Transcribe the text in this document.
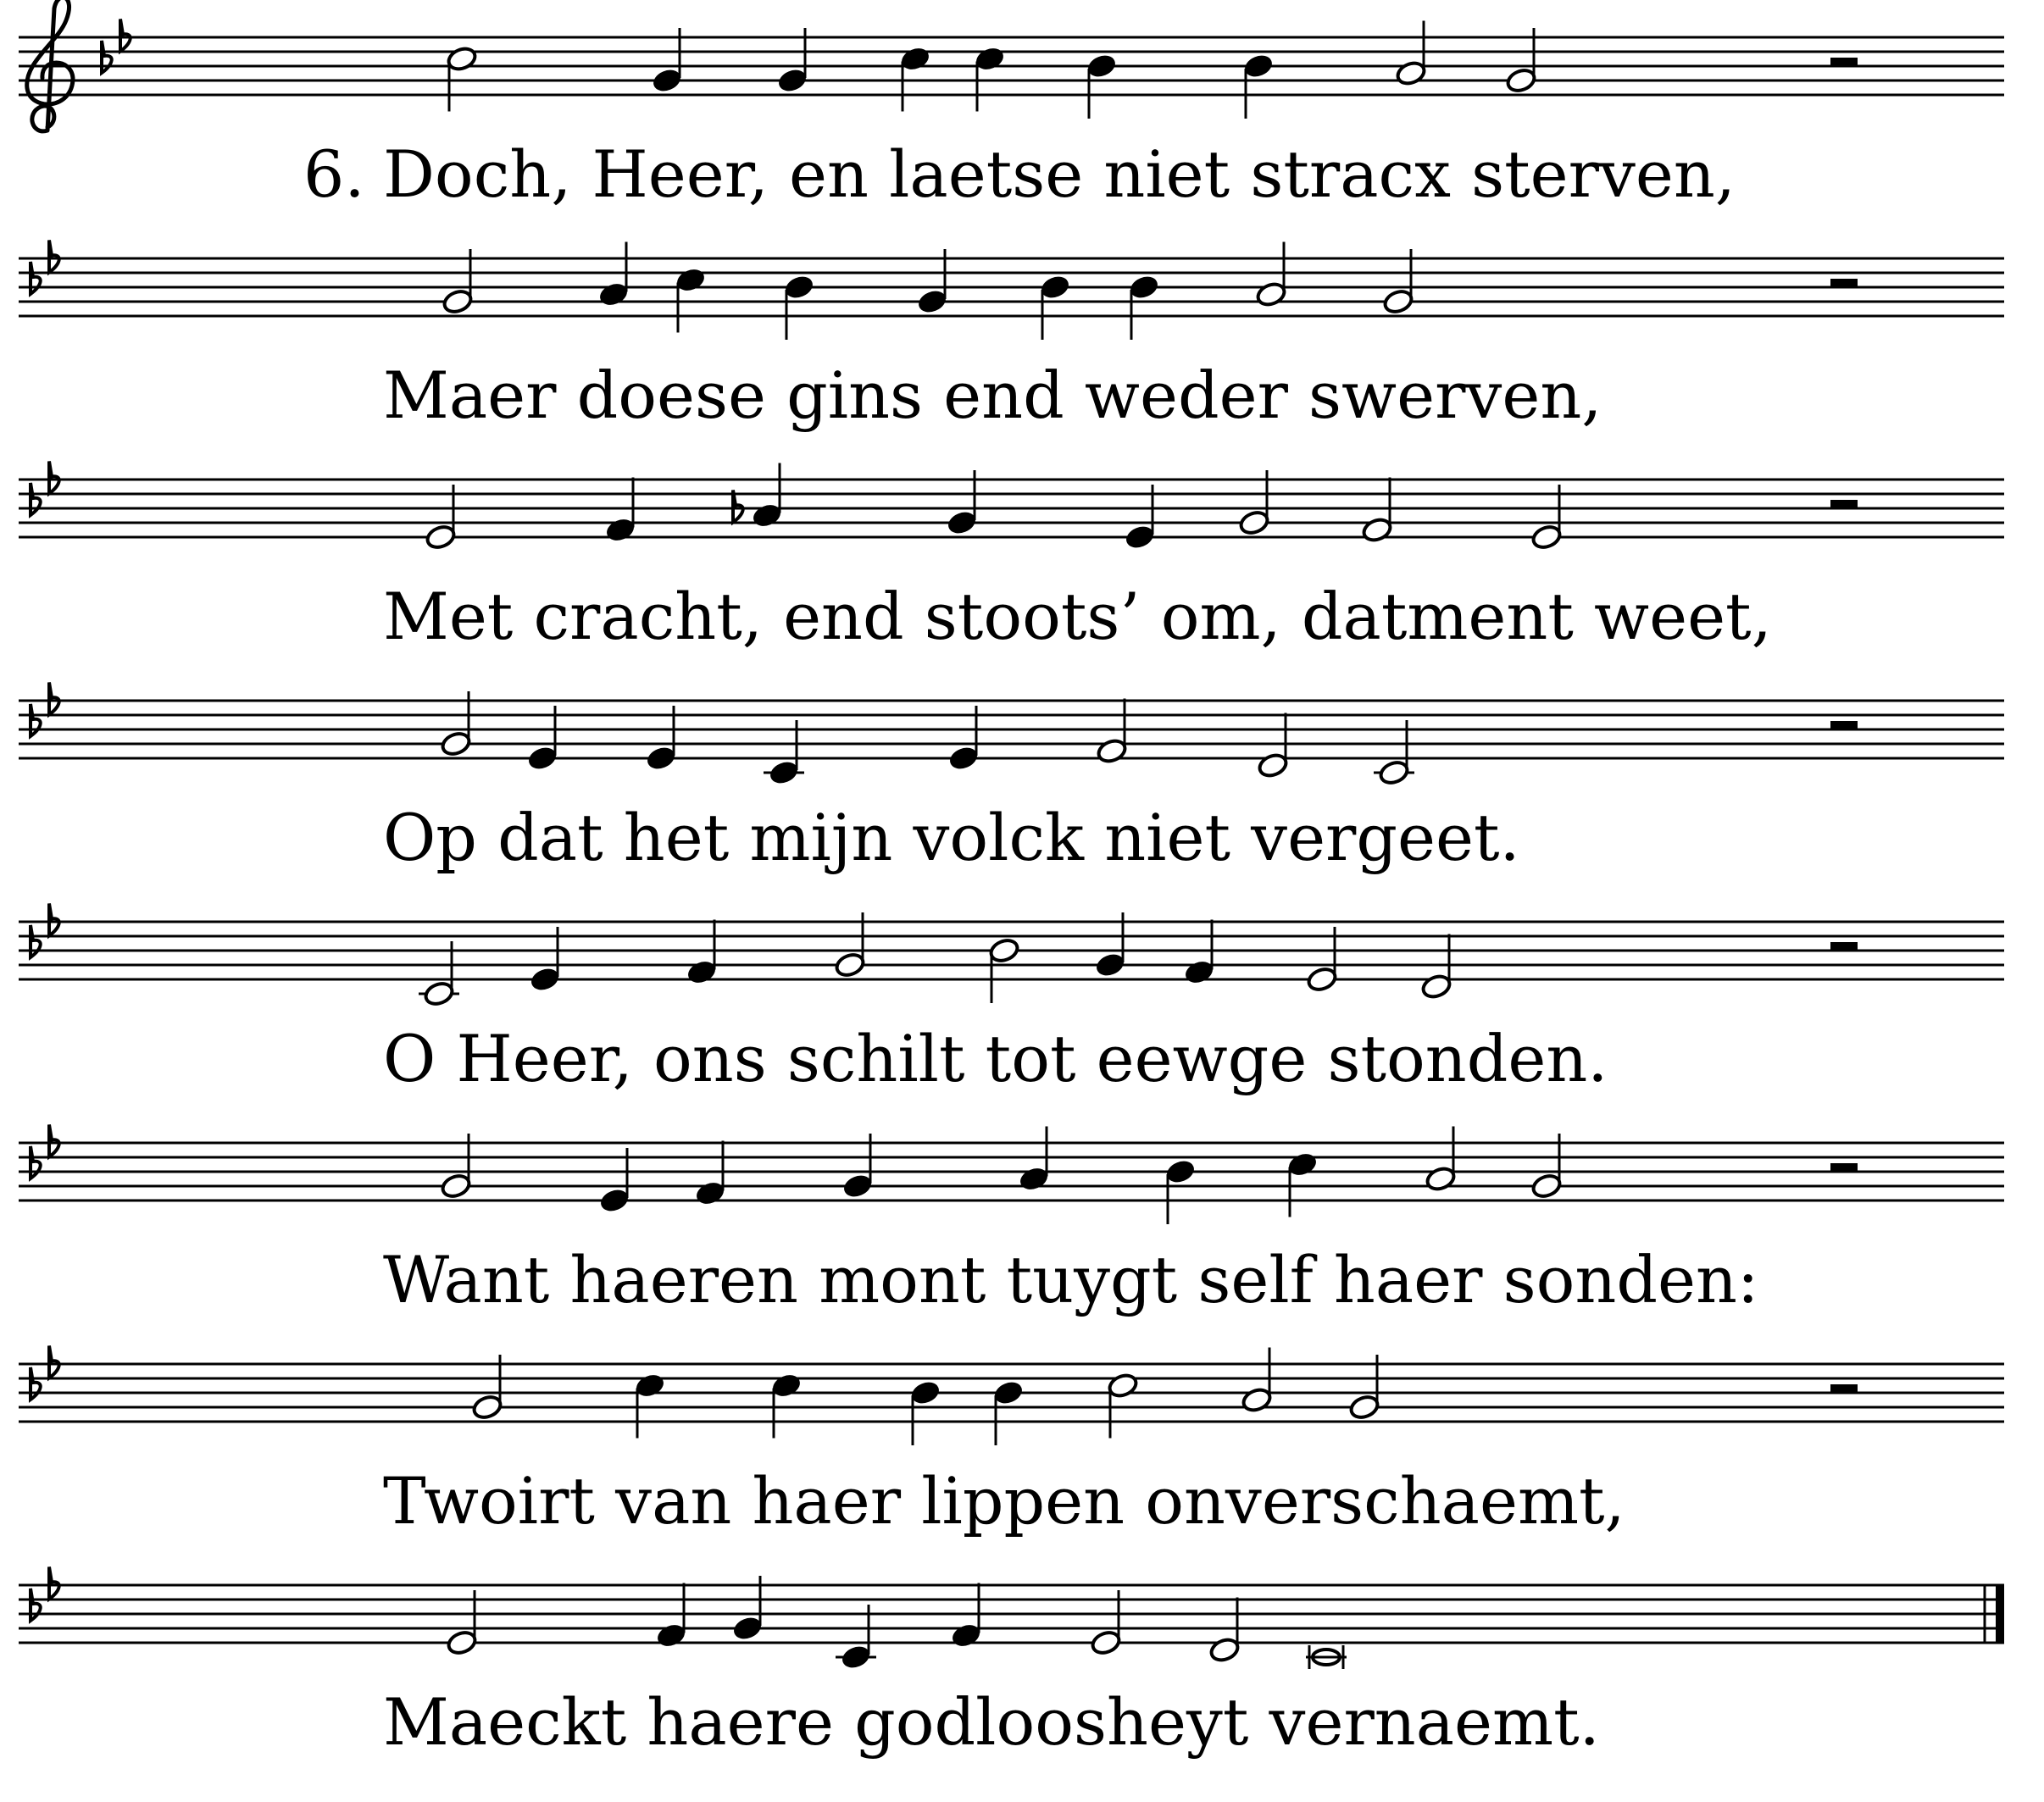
6. Doch, Heer, en laetse niet stracx sterven,
Maer doese gins end weder swerven,
Met cracht, end stoots’ om, datment weet,
Op dat het mijn volck niet vergeet.
O Heer, ons schilt tot eewge stonden.
Want haeren mont tuygt self haer sonden:
Twoirt van haer lippen onverschaemt,
Maeckt haere godloosheyt vernaemt.
